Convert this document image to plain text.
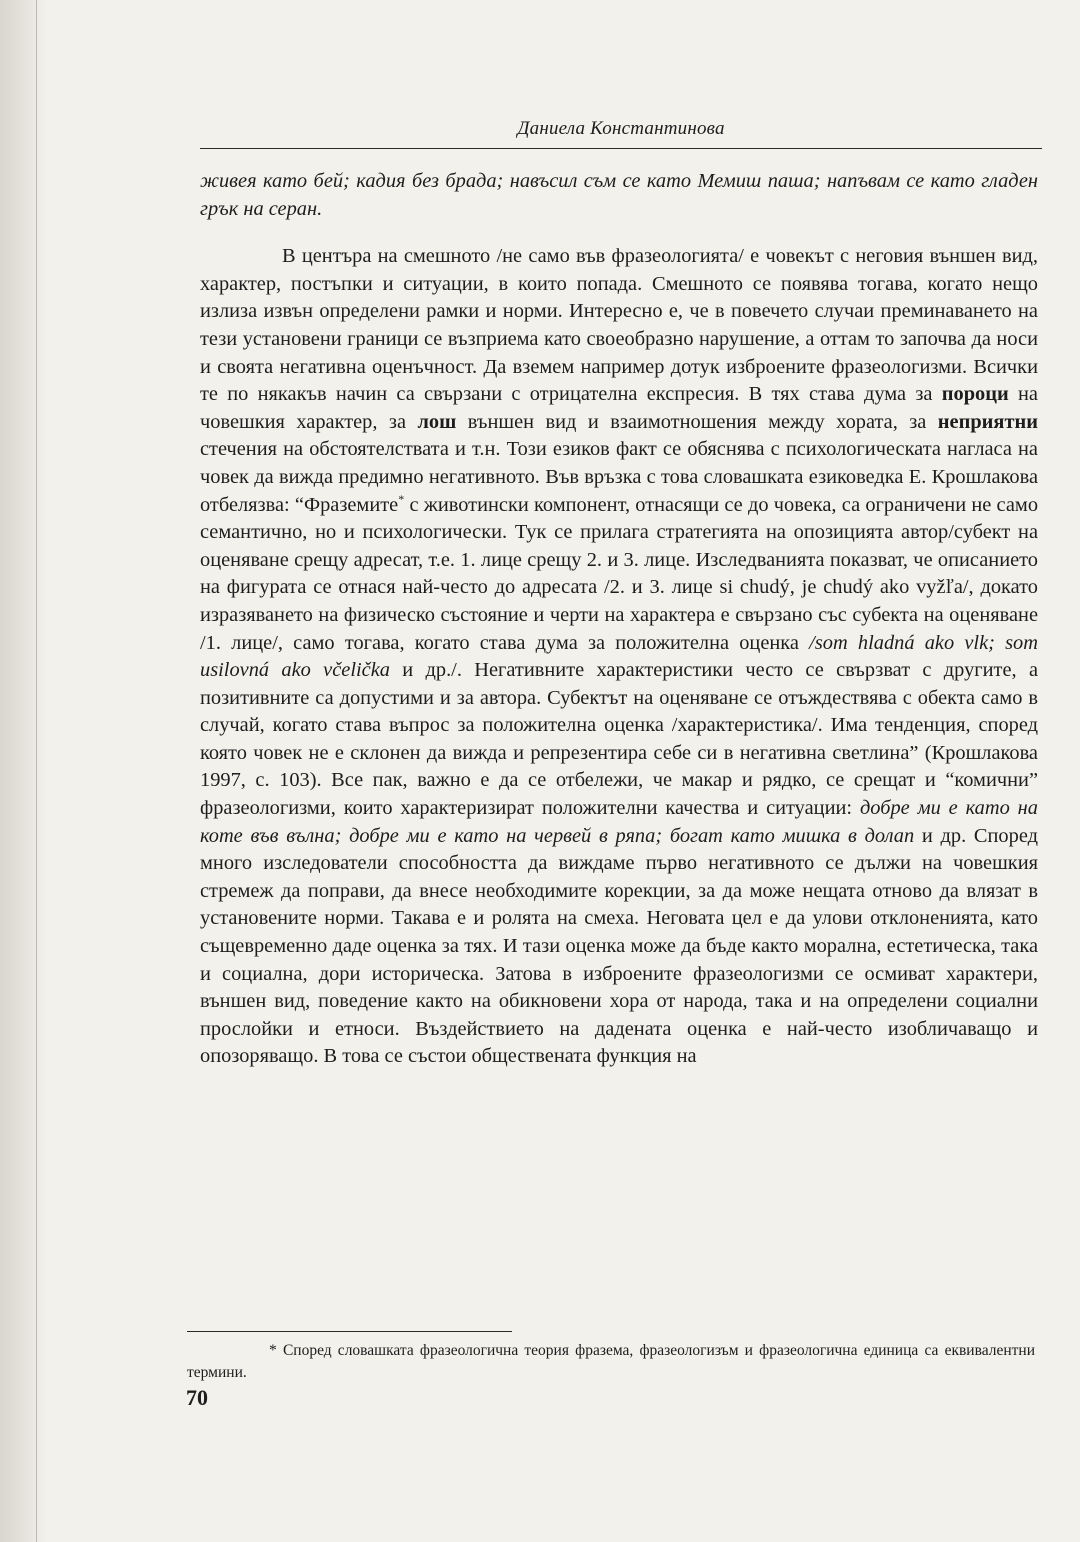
Даниела Константинова

живея като бей; кадия без брада; навъсил съм се като Мемиш паша; напъвам се като гладен грък на серан.

В центъра на смешното /не само във фразеологията/ е човекът с неговия външен вид, характер, постъпки и ситуации, в които попада. Смешното се появява тогава, когато нещо излиза извън определени рамки и норми. Интересно е, че в повечето случаи преминаването на тези установени граници се възприема като своеобразно нарушение, а оттам то започва да носи и своята негативна оценъчност. Да вземем например дотук изброените фразеологизми. Всички те по някакъв начин са свързани с отрицателна експресия. В тях става дума за пороци на човешкия характер, за лош външен вид и взаимотношения между хората, за неприятни стечения на обстоятелствата и т.н. Този езиков факт се обяснява с психологическата нагласа на човек да вижда предимно негативното. Във връзка с това словашката езиковедка Е. Крошлакова отбелязва: “Фраземите* с животински компонент, отнасящи се до човека, са ограничени не само семантично, но и психологически. Тук се прилага стратегията на опозицията автор/субект на оценяване срещу адресат, т.е. 1. лице срещу 2. и 3. лице. Изследванията показват, че описанието на фигурата се отнася най-често до адресата /2. и 3. лице si chudý, je chudý ako vyžľa/, докато изразяването на физическо състояние и черти на характера е свързано със субекта на оценяване /1. лице/, само тогава, когато става дума за положителна оценка /som hladná ako vlk; som usilovná ako včelička и др./. Негативните характеристики често се свързват с другите, а позитивните са допустими и за автора. Субектът на оценяване се отъждествява с обекта само в случай, когато става въпрос за положителна оценка /характеристика/. Има тенденция, според която човек не е склонен да вижда и репрезентира себе си в негативна светлина” (Крошлакова 1997, с. 103). Все пак, важно е да се отбележи, че макар и рядко, се срещат и “комични” фразеологизми, които характеризират положителни качества и ситуации: добре ми е като на коте във вълна; добре ми е като на червей в ряпа; богат като мишка в долап и др. Според много изследователи способността да виждаме първо негативното се дължи на човешкия стремеж да поправи, да внесе необходимите корекции, за да може нещата отново да влязат в установените норми. Такава е и ролята на смеха. Неговата цел е да улови отклоненията, като същевременно даде оценка за тях. И тази оценка може да бъде както морална, естетическа, така и социална, дори историческа. Затова в изброените фразеологизми се осмиват характери, външен вид, поведение както на обикновени хора от народа, така и на определени социални прослойки и етноси. Въздействието на дадената оценка е най-често изобличаващо и опозоряващо. В това се състои обществената функция на

* Според словашката фразеологична теория фразема, фразеологизъм и фразеологична единица са еквивалентни термини.
70
